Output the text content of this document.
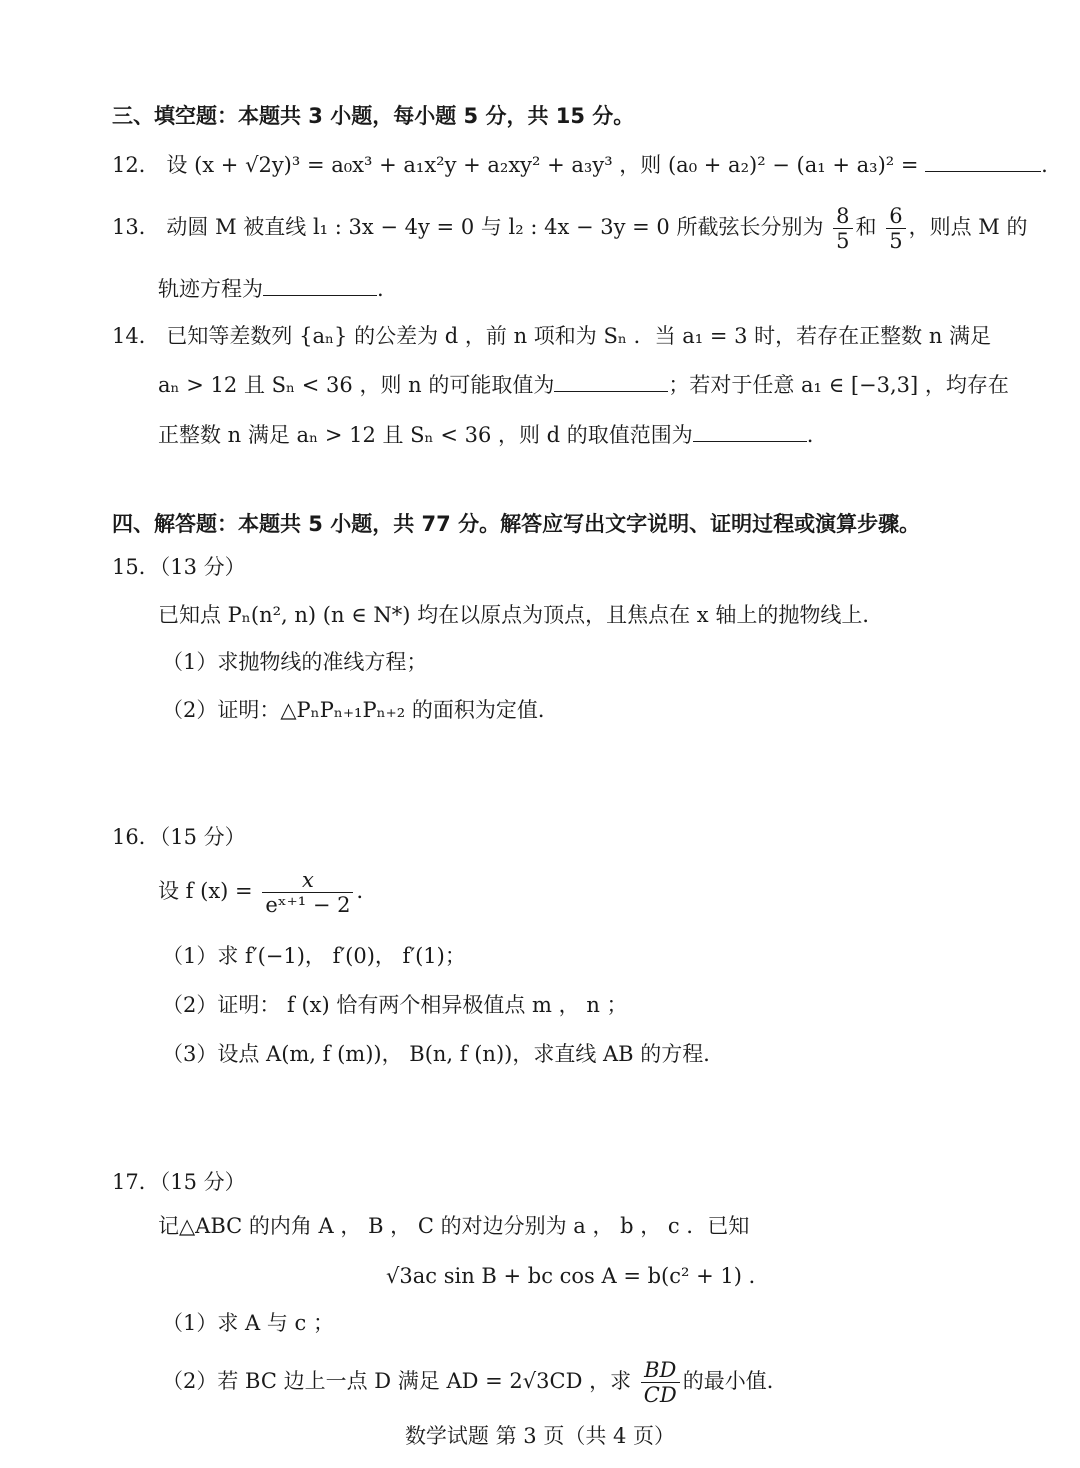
三、填空题：本题共 3 小题，每小题 5 分，共 15 分。
12． 设 (x + √2y)³ = a₀x³ + a₁x²y + a₂xy² + a₃y³ ，则 (a₀ + a₂)² − (a₁ + a₃)² =	.
13． 动圆 M 被直线 l₁ : 3x − 4y = 0 与 l₂ : 4x − 3y = 0 所截弦长分别为 $\frac{8}{5}$ 和 $\frac{6}{5}$ ，则点 M 的
轨迹方程为	.
14． 已知等差数列 {aₙ} 的公差为 d ，前 n 项和为 Sₙ ．当 a₁ = 3 时，若存在正整数 n 满足
aₙ > 12 且 Sₙ < 36 ，则 n 的可能取值为	；若对于任意 a₁ ∈ [−3,3] ，均存在
正整数 n 满足 aₙ > 12 且 Sₙ < 36 ，则 d 的取值范围为	.
四、解答题：本题共 5 小题，共 77 分。解答应写出文字说明、证明过程或演算步骤。
15．（13 分）
已知点 Pₙ(n², n) (n ∈ N*) 均在以原点为顶点，且焦点在 x 轴上的抛物线上．
（1）求抛物线的准线方程；
（2）证明：△PₙPₙ₊₁Pₙ₊₂ 的面积为定值．
16．（15 分）
设 f $(x) = \frac{x}{\text{eˣ⁺¹ − 2}}$ ．
（1）求 f′(−1)， f′(0)， f′(1)；
（2）证明： f (x) 恰有两个相异极值点 m ， n ；
（3）设点 A(m, f (m))， B(n, f (n))，求直线 AB 的方程．
17．（15 分）
记△ABC 的内角 A ， B ， C 的对边分别为 a ， b ， c ．已知
√3ac sin B + bc cos A = b(c² + 1) ．
（1）求 A 与 c ；
（2）若 BC 边上一点 D 满足 AD = 2√3CD ，求 $\frac{BD}{CD}$ 的最小值．
数学试题 第 3 页（共 4 页）
